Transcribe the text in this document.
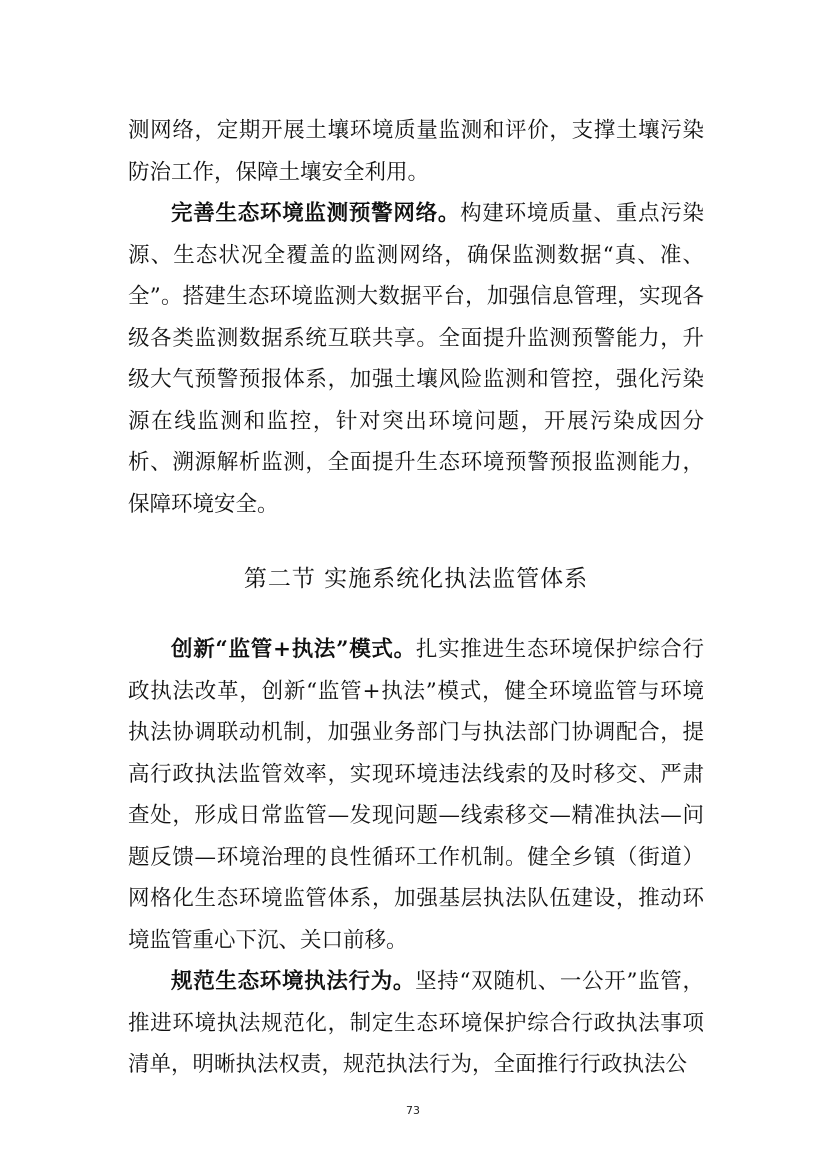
测网络，定期开展土壤环境质量监测和评价，支撑土壤污染防治工作，保障土壤安全利用。

完善生态环境监测预警网络。构建环境质量、重点污染源、生态状况全覆盖的监测网络，确保监测数据“真、准、全”。搭建生态环境监测大数据平台，加强信息管理，实现各级各类监测数据系统互联共享。全面提升监测预警能力，升级大气预警预报体系，加强土壤风险监测和管控，强化污染源在线监测和监控，针对突出环境问题，开展污染成因分析、溯源解析监测，全面提升生态环境预警预报监测能力，保障环境安全。

第二节 实施系统化执法监管体系

创新“监管+执法”模式。扎实推进生态环境保护综合行政执法改革，创新“监管+执法”模式，健全环境监管与环境执法协调联动机制，加强业务部门与执法部门协调配合，提高行政执法监管效率，实现环境违法线索的及时移交、严肃查处，形成日常监管—发现问题—线索移交—精准执法—问题反馈—环境治理的良性循环工作机制。健全乡镇（街道）网格化生态环境监管体系，加强基层执法队伍建设，推动环境监管重心下沉、关口前移。

规范生态环境执法行为。坚持“双随机、一公开”监管，推进环境执法规范化，制定生态环境保护综合行政执法事项清单，明晰执法权责，规范执法行为，全面推行行政执法公

73
